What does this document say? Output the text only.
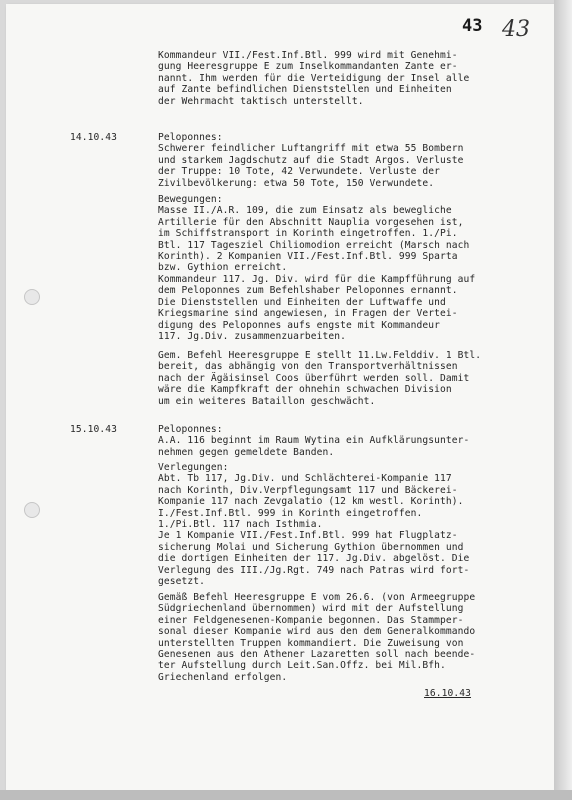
43 43
Kommandeur VII./Fest.Inf.Btl. 999 wird mit Genehmi-
gung Heeresgruppe E zum Inselkommandanten Zante er-
nannt. Ihm werden für die Verteidigung der Insel alle
auf Zante befindlichen Dienststellen und Einheiten
der Wehrmacht taktisch unterstellt.
14.10.43	Peloponnes:
Schwerer feindlicher Luftangriff mit etwa 55 Bombern
und starkem Jagdschutz auf die Stadt Argos. Verluste
der Truppe: 10 Tote, 42 Verwundete. Verluste der
Zivilbevölkerung: etwa 50 Tote, 150 Verwundete.
Bewegungen:
Masse II./A.R. 109, die zum Einsatz als bewegliche
Artillerie für den Abschnitt Nauplia vorgesehen ist,
im Schiffstransport in Korinth eingetroffen. 1./Pi.
Btl. 117 Tagesziel Chiliomodion erreicht (Marsch nach
Korinth). 2 Kompanien VII./Fest.Inf.Btl. 999 Sparta
bzw. Gythion erreicht.
Kommandeur 117. Jg. Div. wird für die Kampfführung auf
dem Peloponnes zum Befehlshaber Peloponnes ernannt.
Die Dienststellen und Einheiten der Luftwaffe und
Kriegsmarine sind angewiesen, in Fragen der Vertei-
digung des Peloponnes aufs engste mit Kommandeur
117. Jg.Div. zusammenzuarbeiten.
Gem. Befehl Heeresgruppe E stellt 11.Lw.Felddiv. 1 Btl.
bereit, das abhängig von den Transportverhältnissen
nach der Ägäisinsel Coos überführt werden soll. Damit
wäre die Kampfkraft der ohnehin schwachen Division
um ein weiteres Bataillon geschwächt.
15.10.43	Peloponnes:
A.A. 116 beginnt im Raum Wytina ein Aufklärungsunter-
nehmen gegen gemeldete Banden.
Verlegungen:
Abt. Tb 117, Jg.Div. und Schlächterei-Kompanie 117
nach Korinth, Div.Verpflegungsamt 117 und Bäckerei-
Kompanie 117 nach Zevgalatio (12 km westl. Korinth).
I./Fest.Inf.Btl. 999 in Korinth eingetroffen.
1./Pi.Btl. 117 nach Isthmia.
Je 1 Kompanie VII./Fest.Inf.Btl. 999 hat Flugplatz-
sicherung Molai und Sicherung Gythion übernommen und
die dortigen Einheiten der 117. Jg.Div. abgelöst. Die
Verlegung des III./Jg.Rgt. 749 nach Patras wird fort-
gesetzt.
Gemäß Befehl Heeresgruppe E vom 26.6. (von Armeegruppe
Südgriechenland übernommen) wird mit der Aufstellung
einer Feldgenesenen-Kompanie begonnen. Das Stammper-
sonal dieser Kompanie wird aus den dem Generalkommando
unterstellten Truppen kommandiert. Die Zuweisung von
Genesenen aus den Athener Lazaretten soll nach beende-
ter Aufstellung durch Leit.San.Offz. bei Mil.Bfh.
Griechenland erfolgen.
16.10.43
